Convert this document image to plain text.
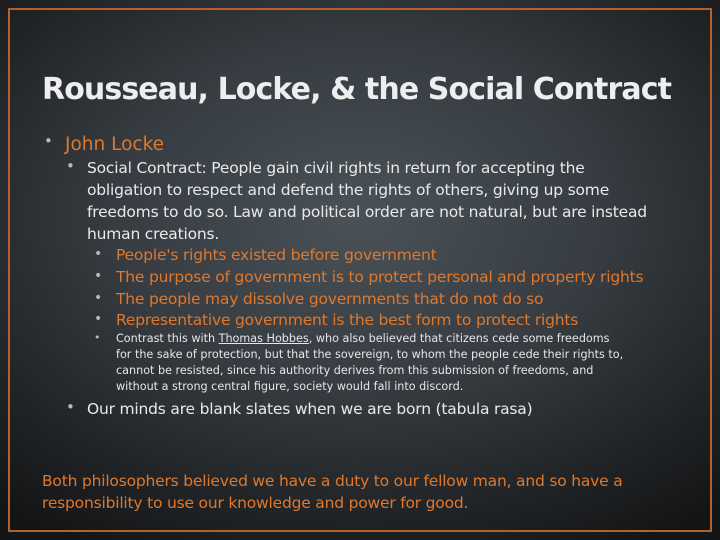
Rousseau, Locke, & the Social Contract
• John Locke
• Social Contract: People gain civil rights in return for accepting the
obligation to respect and defend the rights of others, giving up some
freedoms to do so. Law and political order are not natural, but are instead
human creations.
• People's rights existed before government
• The purpose of government is to protect personal and property rights
• The people may dissolve governments that do not do so
• Representative government is the best form to protect rights
• Contrast this with Thomas Hobbes, who also believed that citizens cede some freedoms
for the sake of protection, but that the sovereign, to whom the people cede their rights to,
cannot be resisted, since his authority derives from this submission of freedoms, and
without a strong central figure, society would fall into discord.
• Our minds are blank slates when we are born (tabula rasa)
Both philosophers believed we have a duty to our fellow man, and so have a
responsibility to use our knowledge and power for good.
